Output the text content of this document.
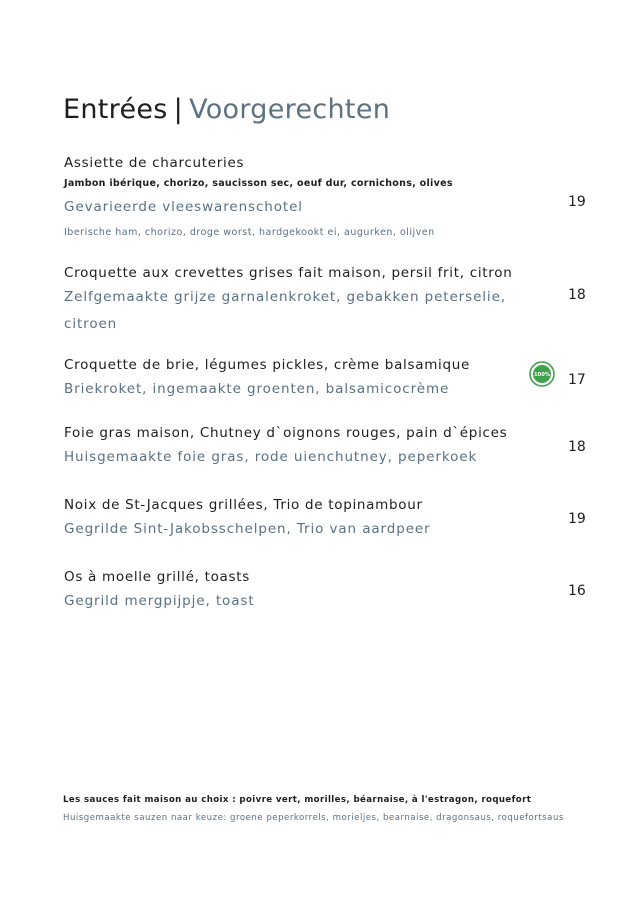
Entrées | Voorgerechten
Assiette de charcuteries
Jambon ibérique, chorizo, saucisson sec, oeuf dur, cornichons, olives
Gevarieerde vleeswarenschotel
Iberische ham, chorizo, droge worst, hardgekookt ei, augurken, olijven
19
Croquette aux crevettes grises fait maison, persil frit, citron
Zelfgemaakte grijze garnalenkroket, gebakken peterselie, citroen
18
Croquette de brie, légumes pickles, crème balsamique
Briekroket, ingemaakte groenten, balsamicocrème
100% 17
Foie gras maison, Chutney d`oignons rouges, pain d`épices
Huisgemaakte foie gras, rode uienchutney, peperkoek
18
Noix de St-Jacques grillées, Trio de topinambour
Gegrilde Sint-Jakobsschelpen, Trio van aardpeer
19
Os à moelle grillé, toasts
Gegrild mergpijpje, toast
16
Les sauces fait maison au choix : poivre vert, morilles, béarnaise, à l'estragon, roquefort
Huisgemaakte sauzen naar keuze: groene peperkorrels, morieljes, bearnaise, dragonsaus, roquefortsaus
